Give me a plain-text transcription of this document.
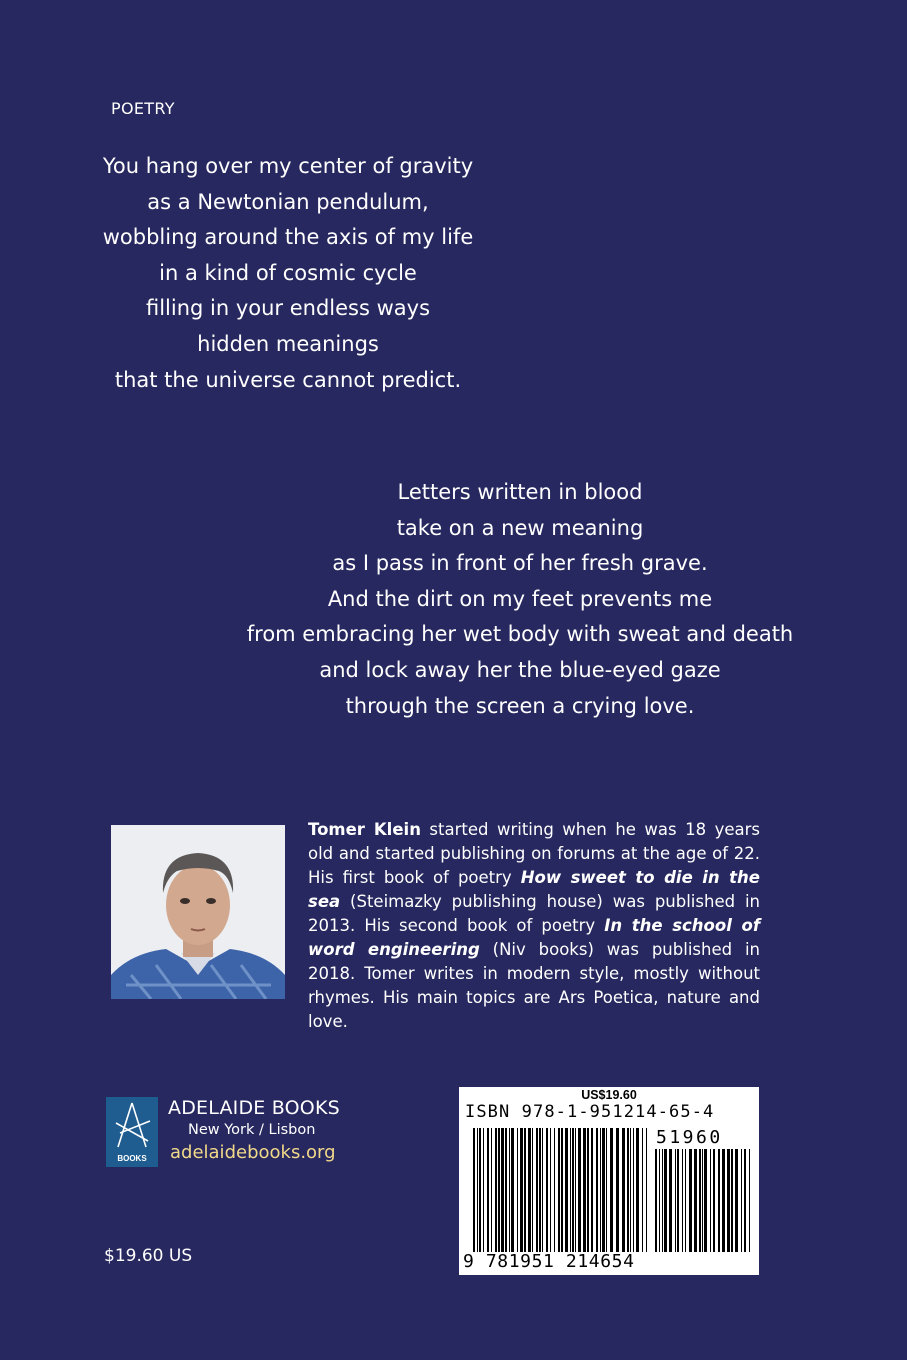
POETRY
You hang over my center of gravity
as a Newtonian pendulum,
wobbling around the axis of my life
in a kind of cosmic cycle
filling in your endless ways
hidden meanings
that the universe cannot predict.
Letters written in blood
take on a new meaning
as I pass in front of her fresh grave.
And the dirt on my feet prevents me
from embracing her wet body with sweat and death
and lock away her the blue-eyed gaze
through the screen a crying love.
Tomer Klein started writing when he was 18 years old and started publishing on forums at the age of 22. His first book of poetry How sweet to die in the sea (Steimazky publishing house) was published in 2013. His second book of poetry In the school of word engineering (Niv books) was published in 2018. Tomer writes in modern style, mostly without rhymes. His main topics are Ars Poetica, nature and love.
BOOKS
ADELAIDE BOOKS
New York / Lisbon
adelaidebooks.org
$19.60 US
US$19.60
ISBN 978-1-951214-65-4
51960
9 781951 214654
